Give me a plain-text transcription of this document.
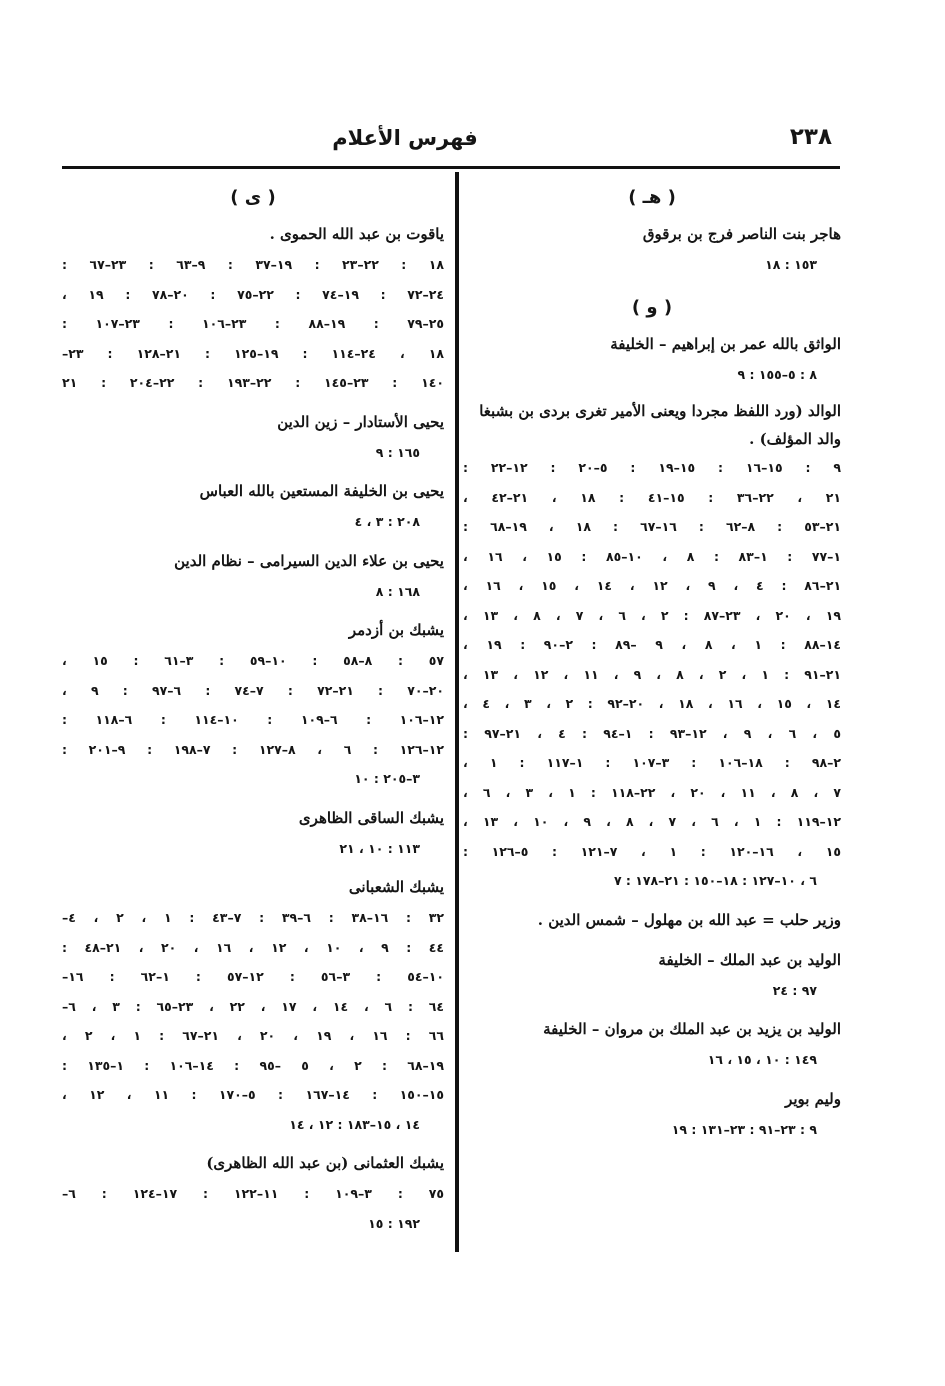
٢٣٨
فهرس الأعلام
( هـ )
هاجر بنت الناصر فرج بن برقوق
١٥٣ : ١٨
( و )
الواثق بالله عمر بن إبراهيم – الخليفة
٨ : ٥–١٥٥ : ٩
الوالد (ورد اللفظ مجردا ويعنى الأمير تغرى بردى بن بشبغا والد المؤلف) .
٩ : ١٥–١٦ : ١٥–١٩ : ٥–٢٠ : ١٢–٢٢ :
٢١ ، ٢٢–٣٦ : ١٥–٤١ : ١٨ ، ٢١–٤٢ ،
٢١–٥٣ : ٨–٦٢ : ١٦–٦٧ : ١٨ ، ١٩–٦٨ :
١–٧٧ : ١–٨٣ : ٨ ، ١٠–٨٥ : ١٥ ، ١٦ ،
٢١–٨٦ : ٤ ، ٩ ، ١٢ ، ١٤ ، ١٥ ، ١٦ ،
١٩ ، ٢٠ ، ٢٣–٨٧ : ٢ ، ٦ ، ٧ ، ٨ ، ١٣ ،
١٤–٨٨ : ١ ، ٨ ، ٩ –٨٩ : ٢–٩٠ : ١٩ ،
٢١–٩١ : ١ ، ٢ ، ٨ ، ٩ ، ١١ ، ١٢ ، ١٣ ،
١٤ ، ١٥ ، ١٦ ، ١٨ ، ٢٠–٩٢ : ٢ ، ٣ ، ٤ ،
٥ ، ٦ ، ٩ ، ١٢–٩٣ : ١–٩٤ : ٤ ، ٢١–٩٧ :
٢–٩٨ : ١٨–١٠٦ : ٣–١٠٧ : ١–١١٧ : ١ ،
٧ ، ٨ ، ١١ ، ٢٠ ، ٢٢–١١٨ : ١ ، ٣ ، ٦ ،
١٢–١١٩ : ١ ، ٦ ، ٧ ، ٨ ، ٩ ، ١٠ ، ١٣ ،
١٥ ، ١٦–١٢٠ : ١ ، ٧–١٢١ : ٥–١٢٦ :
٦ ، ١٠–١٢٧ : ١٨–١٥٠ : ٢١–١٧٨ : ٧
وزير حلب = عبد الله بن مهلول – شمس الدين .
الوليد بن عبد الملك – الخليفة
٩٧ : ٢٤
الوليد بن يزيد بن عبد الملك بن مروان – الخليفة
١٤٩ : ١٠ ، ١٥ ، ١٦
وليم بوير
٩ : ٢٣–٩١ : ٢٣–١٣١ : ١٩
( ى )
ياقوت بن عبد الله الحموى .
١٨ : ٢٢–٢٣ : ١٩–٣٧ : ٩–٦٣ : ٢٣–٦٧ :
٢٤–٧٢ : ١٩–٧٤ : ٢٢–٧٥ : ٢٠–٧٨ : ١٩ ،
٢٥–٧٩ : ١٩–٨٨ : ٢٣–١٠٦ : ٢٣–١٠٧ :
١٨ ، ٢٤–١١٤ : ١٩–١٢٥ : ٢١–١٢٨ : ٢٣–
١٤٠ : ٢٣–١٤٥ : ٢٢–١٩٣ : ٢٢–٢٠٤ : ٢١
يحيى الأستادار – زين الدين
١٦٥ : ٩
يحيى بن الخليفة المستعين بالله العباس
٢٠٨ : ٣ ، ٤
يحيى بن علاء الدين السيرامى – نظام الدين
١٦٨ : ٨
يشبك بن أزدمر
٥٧ : ٨–٥٨ : ١٠–٥٩ : ٣–٦١ : ١٥ ،
٢٠–٧٠ : ٢١–٧٢ : ٧–٧٤ : ٦–٩٧ : ٩ ،
١٢–١٠٦ : ٦–١٠٩ : ١٠–١١٤ : ٦–١١٨ :
١٢–١٢٦ : ٦ ، ٨–١٢٧ : ٧–١٩٨ : ٩–٢٠١ :
٣–٢٠٥ : ١٠
يشبك الساقى الظاهرى
١١٣ : ١٠ ، ٢١
يشبك الشعبانى
٣٢ : ١٦–٣٨ : ٦–٣٩ : ٧–٤٣ : ١ ، ٢ ، ٤–
٤٤ : ٩ ، ١٠ ، ١٢ ، ١٦ ، ٢٠ ، ٢١–٤٨ :
١٠–٥٤ : ٣–٥٦ : ١٢–٥٧ : ١–٦٢ : ١٦–
٦٤ : ٦ ، ١٤ ، ١٧ ، ٢٢ ، ٢٣–٦٥ : ٣ ، ٦–
٦٦ : ١٦ ، ١٩ ، ٢٠ ، ٢١–٦٧ : ١ ، ٢ ،
١٩–٦٨ : ٢ ، ٥ –٩٥ : ١٤–١٠٦ : ١–١٣٥ :
١٥–١٥٠ : ١٤–١٦٧ : ٥–١٧٠ : ١١ ، ١٢ ،
١٤ ، ١٥–١٨٣ : ١٢ ، ١٤
يشبك العثمانى (بن عبد الله الظاهرى)
٧٥ : ٣–١٠٩ : ١١–١٢٢ : ١٧–١٢٤ : ٦–
١٩٢ : ١٥
